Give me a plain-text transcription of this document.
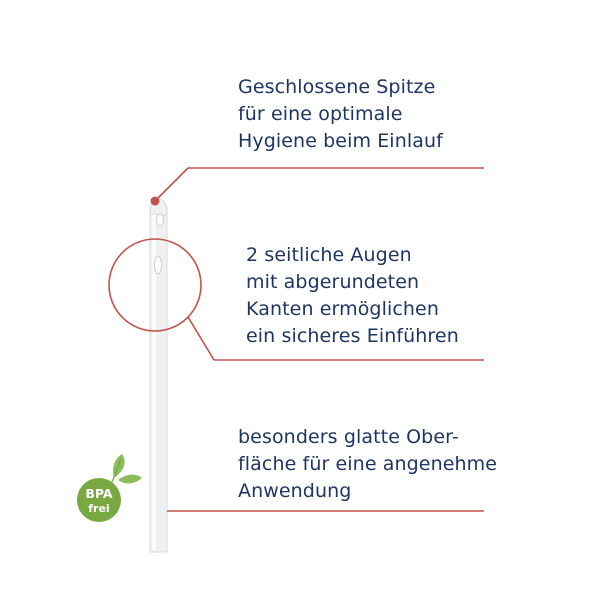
BPA
frei
Geschlossene Spitze
für eine optimale
Hygiene beim Einlauf
2 seitliche Augen
mit abgerundeten
Kanten ermöglichen
ein sicheres Einführen
besonders glatte Ober-
fläche für eine angenehme
Anwendung
